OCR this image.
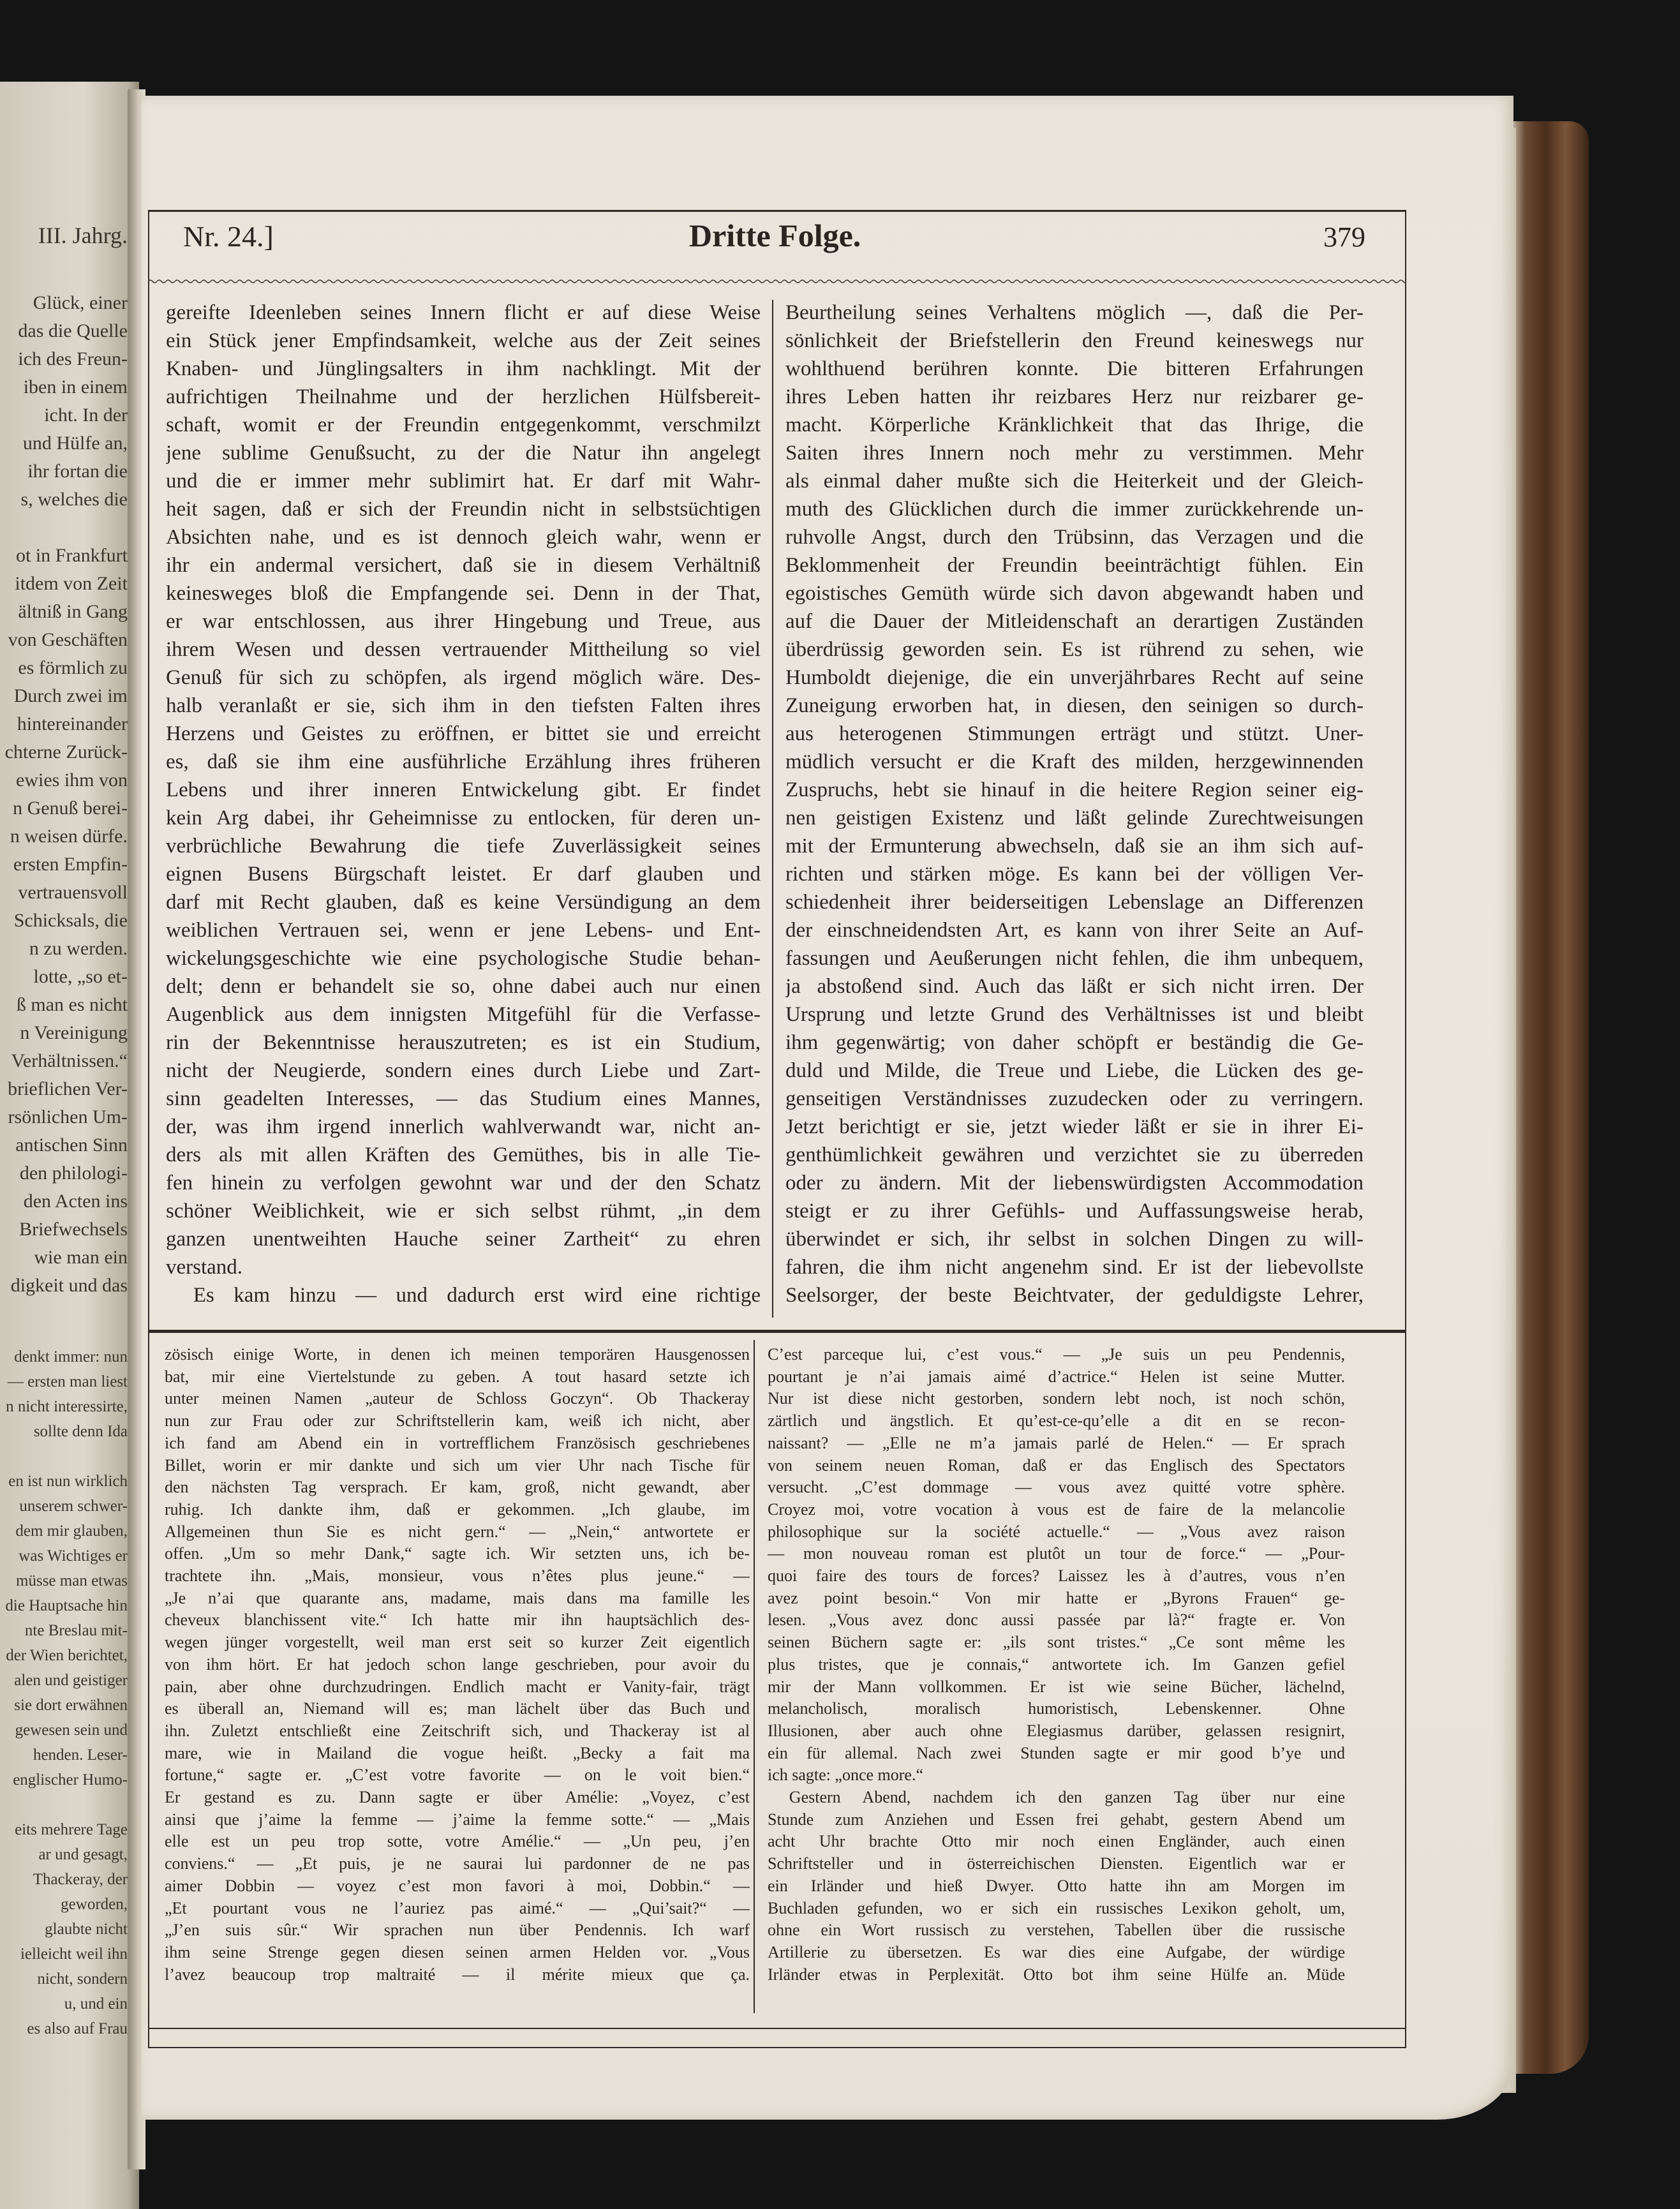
III. Jahrg.
Glück, einer
das die Quelle
ich des Freun-
iben in einem
icht. In der
und Hülfe an,
ihr fortan die
s, welches die
ot in Frankfurt
itdem von Zeit
ältniß in Gang
von Geschäften
es förmlich zu
Durch zwei im
hintereinander
chterne Zurück-
ewies ihm von
n Genuß berei-
n weisen dürfe.
ersten Empfin-
vertrauensvoll
Schicksals, die
n zu werden.
lotte, „so et-
ß man es nicht
n Vereinigung
Verhältnissen.“
brieflichen Ver-
rsönlichen Um-
antischen Sinn
den philologi-
den Acten ins
Briefwechsels
wie man ein
digkeit und das
denkt immer: nun
— ersten man liest
n nicht interessirte,
sollte denn Ida
en ist nun wirklich
unserem schwer-
dem mir glauben,
was Wichtiges er
müsse man etwas
die Hauptsache hin
nte Breslau mit-
der Wien berichtet,
alen und geistiger
sie dort erwähnen
gewesen sein und
henden. Leser-
englischer Humo-
eits mehrere Tage
ar und gesagt,
Thackeray, der
geworden,
glaubte nicht
ielleicht weil ihn
nicht, sondern
u, und ein
es also auf Frau
Nr. 24.]	Dritte Folge.	379
gereifte Ideenleben seines Innern flicht er auf diese Weise
ein Stück jener Empfindsamkeit, welche aus der Zeit seines
Knaben- und Jünglingsalters in ihm nachklingt. Mit der
aufrichtigen Theilnahme und der herzlichen Hülfsbereit-
schaft, womit er der Freundin entgegenkommt, verschmilzt
jene sublime Genußsucht, zu der die Natur ihn angelegt
und die er immer mehr sublimirt hat. Er darf mit Wahr-
heit sagen, daß er sich der Freundin nicht in selbstsüchtigen
Absichten nahe, und es ist dennoch gleich wahr, wenn er
ihr ein andermal versichert, daß sie in diesem Verhältniß
keinesweges bloß die Empfangende sei. Denn in der That,
er war entschlossen, aus ihrer Hingebung und Treue, aus
ihrem Wesen und dessen vertrauender Mittheilung so viel
Genuß für sich zu schöpfen, als irgend möglich wäre. Des-
halb veranlaßt er sie, sich ihm in den tiefsten Falten ihres
Herzens und Geistes zu eröffnen, er bittet sie und erreicht
es, daß sie ihm eine ausführliche Erzählung ihres früheren
Lebens und ihrer inneren Entwickelung gibt. Er findet
kein Arg dabei, ihr Geheimnisse zu entlocken, für deren un-
verbrüchliche Bewahrung die tiefe Zuverlässigkeit seines
eignen Busens Bürgschaft leistet. Er darf glauben und
darf mit Recht glauben, daß es keine Versündigung an dem
weiblichen Vertrauen sei, wenn er jene Lebens- und Ent-
wickelungsgeschichte wie eine psychologische Studie behan-
delt; denn er behandelt sie so, ohne dabei auch nur einen
Augenblick aus dem innigsten Mitgefühl für die Verfasse-
rin der Bekenntnisse herauszutreten; es ist ein Studium,
nicht der Neugierde, sondern eines durch Liebe und Zart-
sinn geadelten Interesses, — das Studium eines Mannes,
der, was ihm irgend innerlich wahlverwandt war, nicht an-
ders als mit allen Kräften des Gemüthes, bis in alle Tie-
fen hinein zu verfolgen gewohnt war und der den Schatz
schöner Weiblichkeit, wie er sich selbst rühmt, „in dem
ganzen unentweihten Hauche seiner Zartheit“ zu ehren
verstand.
Es kam hinzu — und dadurch erst wird eine richtige
Beurtheilung seines Verhaltens möglich —, daß die Per-
sönlichkeit der Briefstellerin den Freund keineswegs nur
wohlthuend berühren konnte. Die bitteren Erfahrungen
ihres Leben hatten ihr reizbares Herz nur reizbarer ge-
macht. Körperliche Kränklichkeit that das Ihrige, die
Saiten ihres Innern noch mehr zu verstimmen. Mehr
als einmal daher mußte sich die Heiterkeit und der Gleich-
muth des Glücklichen durch die immer zurückkehrende un-
ruhvolle Angst, durch den Trübsinn, das Verzagen und die
Beklommenheit der Freundin beeinträchtigt fühlen. Ein
egoistisches Gemüth würde sich davon abgewandt haben und
auf die Dauer der Mitleidenschaft an derartigen Zuständen
überdrüssig geworden sein. Es ist rührend zu sehen, wie
Humboldt diejenige, die ein unverjährbares Recht auf seine
Zuneigung erworben hat, in diesen, den seinigen so durch-
aus heterogenen Stimmungen erträgt und stützt. Uner-
müdlich versucht er die Kraft des milden, herzgewinnenden
Zuspruchs, hebt sie hinauf in die heitere Region seiner eig-
nen geistigen Existenz und läßt gelinde Zurechtweisungen
mit der Ermunterung abwechseln, daß sie an ihm sich auf-
richten und stärken möge. Es kann bei der völligen Ver-
schiedenheit ihrer beiderseitigen Lebenslage an Differenzen
der einschneidendsten Art, es kann von ihrer Seite an Auf-
fassungen und Aeußerungen nicht fehlen, die ihm unbequem,
ja abstoßend sind. Auch das läßt er sich nicht irren. Der
Ursprung und letzte Grund des Verhältnisses ist und bleibt
ihm gegenwärtig; von daher schöpft er beständig die Ge-
duld und Milde, die Treue und Liebe, die Lücken des ge-
genseitigen Verständnisses zuzudecken oder zu verringern.
Jetzt berichtigt er sie, jetzt wieder läßt er sie in ihrer Ei-
genthümlichkeit gewähren und verzichtet sie zu überreden
oder zu ändern. Mit der liebenswürdigsten Accommodation
steigt er zu ihrer Gefühls- und Auffassungsweise herab,
überwindet er sich, ihr selbst in solchen Dingen zu will-
fahren, die ihm nicht angenehm sind. Er ist der liebevollste
Seelsorger, der beste Beichtvater, der geduldigste Lehrer,
zösisch einige Worte, in denen ich meinen temporären Hausgenossen
bat, mir eine Viertelstunde zu geben. A tout hasard setzte ich
unter meinen Namen „auteur de Schloss Goczyn“. Ob Thackeray
nun zur Frau oder zur Schriftstellerin kam, weiß ich nicht, aber
ich fand am Abend ein in vortrefflichem Französisch geschriebenes
Billet, worin er mir dankte und sich um vier Uhr nach Tische für
den nächsten Tag versprach. Er kam, groß, nicht gewandt, aber
ruhig. Ich dankte ihm, daß er gekommen. „Ich glaube, im
Allgemeinen thun Sie es nicht gern.“ — „Nein,“ antwortete er
offen. „Um so mehr Dank,“ sagte ich. Wir setzten uns, ich be-
trachtete ihn. „Mais, monsieur, vous n’êtes plus jeune.“ —
„Je n’ai que quarante ans, madame, mais dans ma famille les
cheveux blanchissent vite.“ Ich hatte mir ihn hauptsächlich des-
wegen jünger vorgestellt, weil man erst seit so kurzer Zeit eigentlich
von ihm hört. Er hat jedoch schon lange geschrieben, pour avoir du
pain, aber ohne durchzudringen. Endlich macht er Vanity-fair, trägt
es überall an, Niemand will es; man lächelt über das Buch und
ihn. Zuletzt entschließt eine Zeitschrift sich, und Thackeray ist al
mare, wie in Mailand die vogue heißt. „Becky a fait ma
fortune,“ sagte er. „C’est votre favorite — on le voit bien.“
Er gestand es zu. Dann sagte er über Amélie: „Voyez, c’est
ainsi que j’aime la femme — j’aime la femme sotte.“ — „Mais
elle est un peu trop sotte, votre Amélie.“ — „Un peu, j’en
conviens.“ — „Et puis, je ne saurai lui pardonner de ne pas
aimer Dobbin — voyez c’est mon favori à moi, Dobbin.“ —
„Et pourtant vous ne l’auriez pas aimé.“ — „Qui’sait?“ —
„J’en suis sûr.“ Wir sprachen nun über Pendennis. Ich warf
ihm seine Strenge gegen diesen seinen armen Helden vor. „Vous
l’avez beaucoup trop maltraité — il mérite mieux que ça.
C’est parceque lui, c’est vous.“ — „Je suis un peu Pendennis,
pourtant je n’ai jamais aimé d’actrice.“ Helen ist seine Mutter.
Nur ist diese nicht gestorben, sondern lebt noch, ist noch schön,
zärtlich und ängstlich. Et qu’est-ce-qu’elle a dit en se recon-
naissant? — „Elle ne m’a jamais parlé de Helen.“ — Er sprach
von seinem neuen Roman, daß er das Englisch des Spectators
versucht. „C’est dommage — vous avez quitté votre sphère.
Croyez moi, votre vocation à vous est de faire de la melancolie
philosophique sur la société actuelle.“ — „Vous avez raison
— mon nouveau roman est plutôt un tour de force.“ — „Pour-
quoi faire des tours de forces? Laissez les à d’autres, vous n’en
avez point besoin.“ Von mir hatte er „Byrons Frauen“ ge-
lesen. „Vous avez donc aussi passée par là?“ fragte er. Von
seinen Büchern sagte er: „ils sont tristes.“ „Ce sont même les
plus tristes, que je connais,“ antwortete ich. Im Ganzen gefiel
mir der Mann vollkommen. Er ist wie seine Bücher, lächelnd,
melancholisch, moralisch humoristisch, Lebenskenner. Ohne
Illusionen, aber auch ohne Elegiasmus darüber, gelassen resignirt,
ein für allemal. Nach zwei Stunden sagte er mir good b’ye und
ich sagte: „once more.“
Gestern Abend, nachdem ich den ganzen Tag über nur eine
Stunde zum Anziehen und Essen frei gehabt, gestern Abend um
acht Uhr brachte Otto mir noch einen Engländer, auch einen
Schriftsteller und in österreichischen Diensten. Eigentlich war er
ein Irländer und hieß Dwyer. Otto hatte ihn am Morgen im
Buchladen gefunden, wo er sich ein russisches Lexikon geholt, um,
ohne ein Wort russisch zu verstehen, Tabellen über die russische
Artillerie zu übersetzen. Es war dies eine Aufgabe, der würdige
Irländer etwas in Perplexität. Otto bot ihm seine Hülfe an. Müde
